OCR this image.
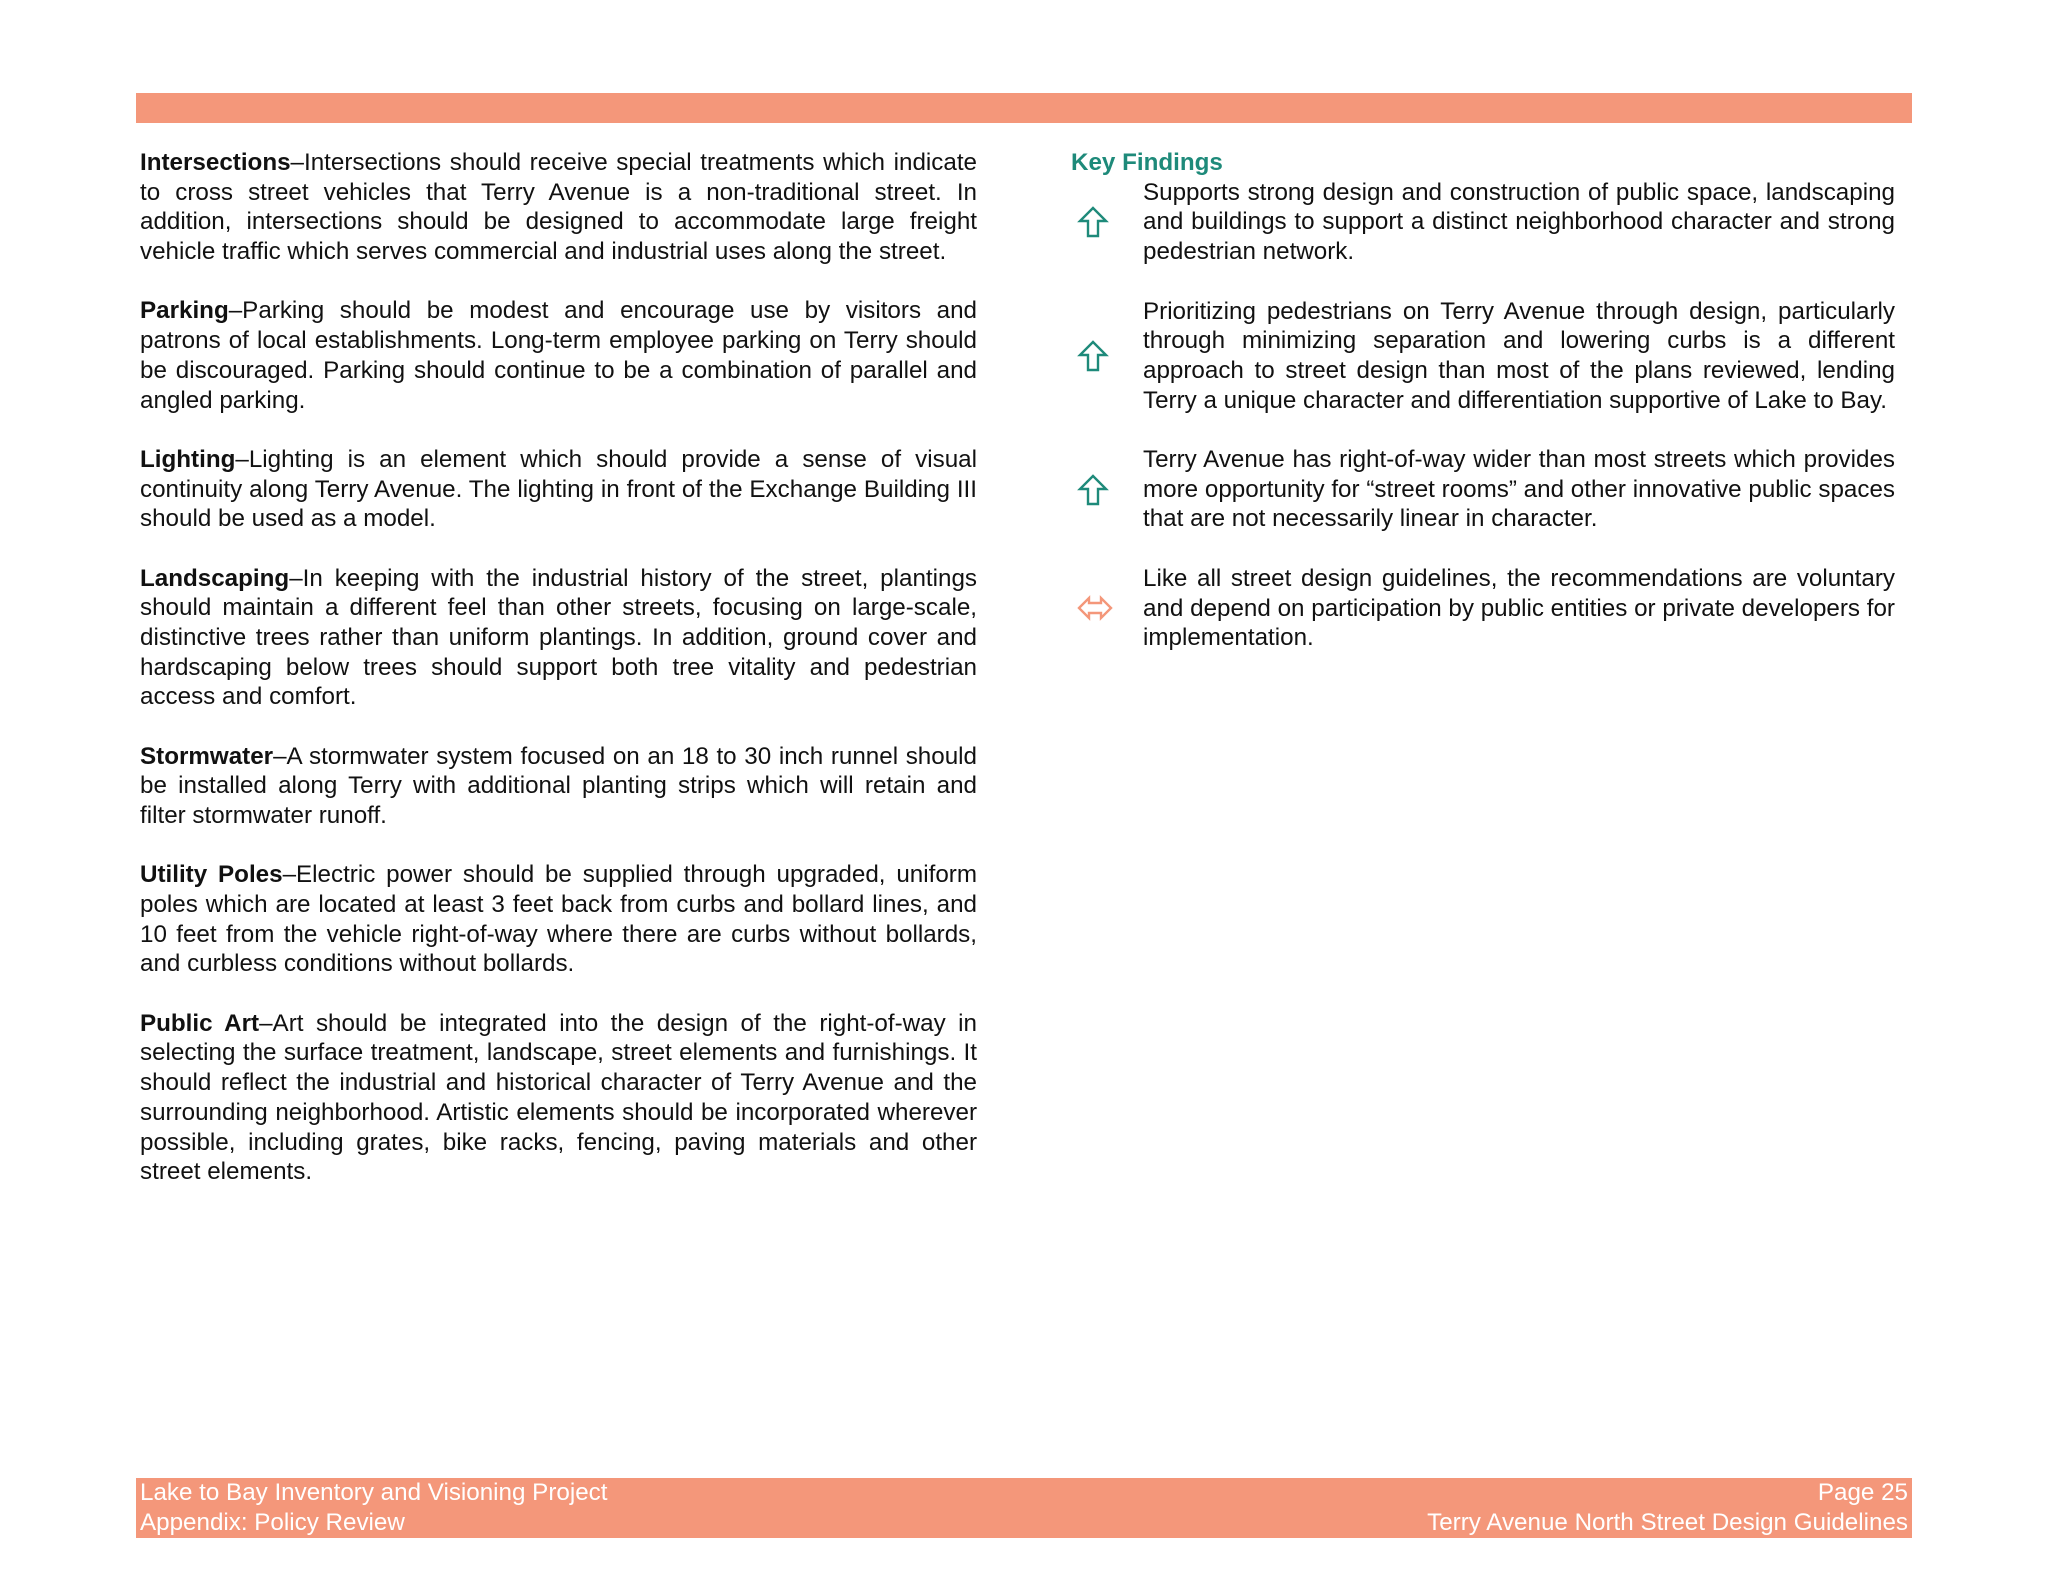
Intersections–Intersections should receive special treatments which indicate to cross street vehicles that Terry Avenue is a non-traditional street. In addition, intersections should be designed to accommodate large freight vehicle traffic which serves commercial and industrial uses along the street.

Parking–Parking should be modest and encourage use by visitors and patrons of local establishments. Long-term employee parking on Terry should be discouraged. Parking should continue to be a combination of parallel and angled parking.

Lighting–Lighting is an element which should provide a sense of visual continuity along Terry Avenue. The lighting in front of the Exchange Building III should be used as a model.

Landscaping–In keeping with the industrial history of the street, plantings should maintain a different feel than other streets, focusing on large-scale, distinctive trees rather than uniform plantings. In addition, ground cover and hardscaping below trees should support both tree vitality and pedestrian access and comfort.

Stormwater–A stormwater system focused on an 18 to 30 inch runnel should be installed along Terry with additional planting strips which will retain and filter stormwater runoff.

Utility Poles–Electric power should be supplied through upgraded, uniform poles which are located at least 3 feet back from curbs and bollard lines, and 10 feet from the vehicle right-of-way where there are curbs without bollards, and curbless conditions without bollards.

Public Art–Art should be integrated into the design of the right-of-way in selecting the surface treatment, landscape, street elements and furnishings. It should reflect the industrial and historical character of Terry Avenue and the surrounding neighborhood. Artistic elements should be incorporated wherever possible, including grates, bike racks, fencing, paving materials and other street elements.

Key Findings

Supports strong design and construction of public space, landscaping and buildings to support a distinct neighborhood character and strong pedestrian network.

Prioritizing pedestrians on Terry Avenue through design, particularly through minimizing separation and lowering curbs is a different approach to street design than most of the plans reviewed, lending Terry a unique character and differentiation supportive of Lake to Bay.

Terry Avenue has right-of-way wider than most streets which provides more opportunity for “street rooms” and other innovative public spaces that are not necessarily linear in character.

Like all street design guidelines, the recommendations are voluntary and depend on participation by public entities or private developers for implementation.

Lake to Bay Inventory and Visioning Project
Appendix: Policy Review
Page 25
Terry Avenue North Street Design Guidelines
